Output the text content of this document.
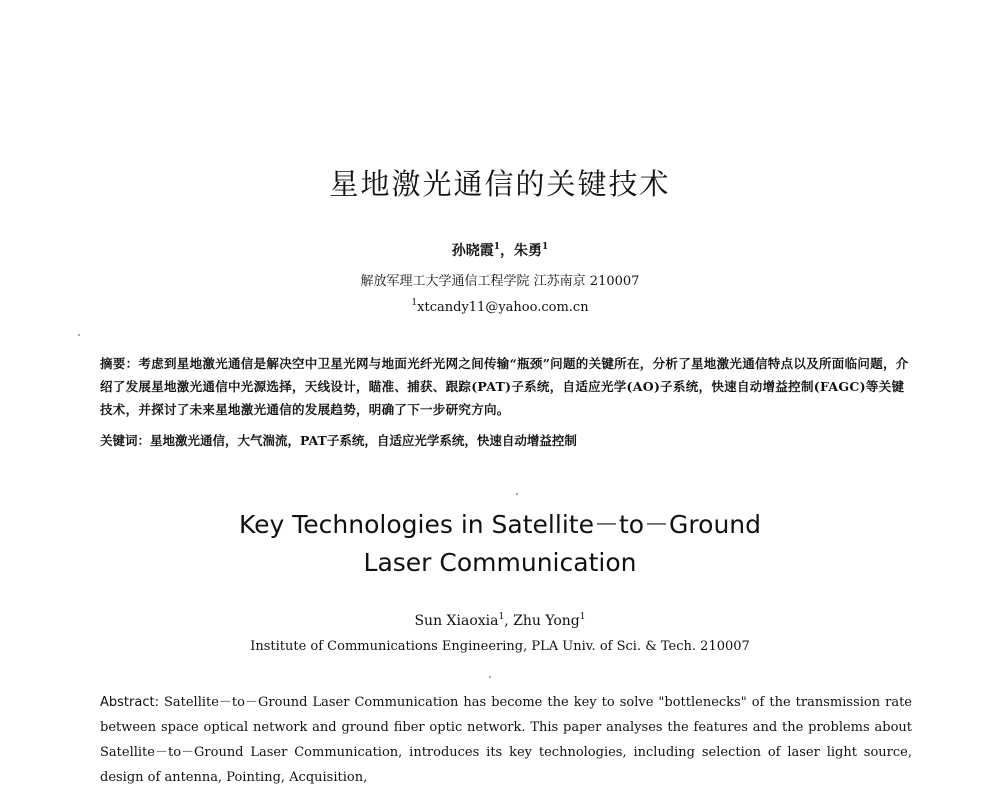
星地激光通信的关键技术
孙晓霞$^1$，朱勇$^1$
解放军理工大学通信工程学院 江苏南京 210007
$^1$xtcandy11@yahoo.com.cn
摘要：考虑到星地激光通信是解决空中卫星光网与地面光纤光网之间传输“瓶颈”问题的关键所在，分析了星地激光通信特点以及所面临问题，介绍了发展星地激光通信中光源选择，天线设计，瞄准、捕获、跟踪(PAT)子系统，自适应光学(AO)子系统，快速自动增益控制(FAGC)等关键技术，并探讨了未来星地激光通信的发展趋势，明确了下一步研究方向。
关键词：星地激光通信，大气湍流，PAT子系统，自适应光学系统，快速自动增益控制
Key Technologies in Satellite－to－Ground
Laser Communication
Sun Xiaoxia$^1$, Zhu Yong$^1$
Institute of Communications Engineering, PLA Univ. of Sci. & Tech. 210007
Abstract: Satellite－to－Ground Laser Communication has become the key to solve "bottlenecks" of the transmission rate between space optical network and ground fiber optic network. This paper analyses the features and the problems about Satellite－to－Ground Laser Communication, introduces its key technologies, including selection of laser light source, design of antenna, Pointing, Acquisition,
